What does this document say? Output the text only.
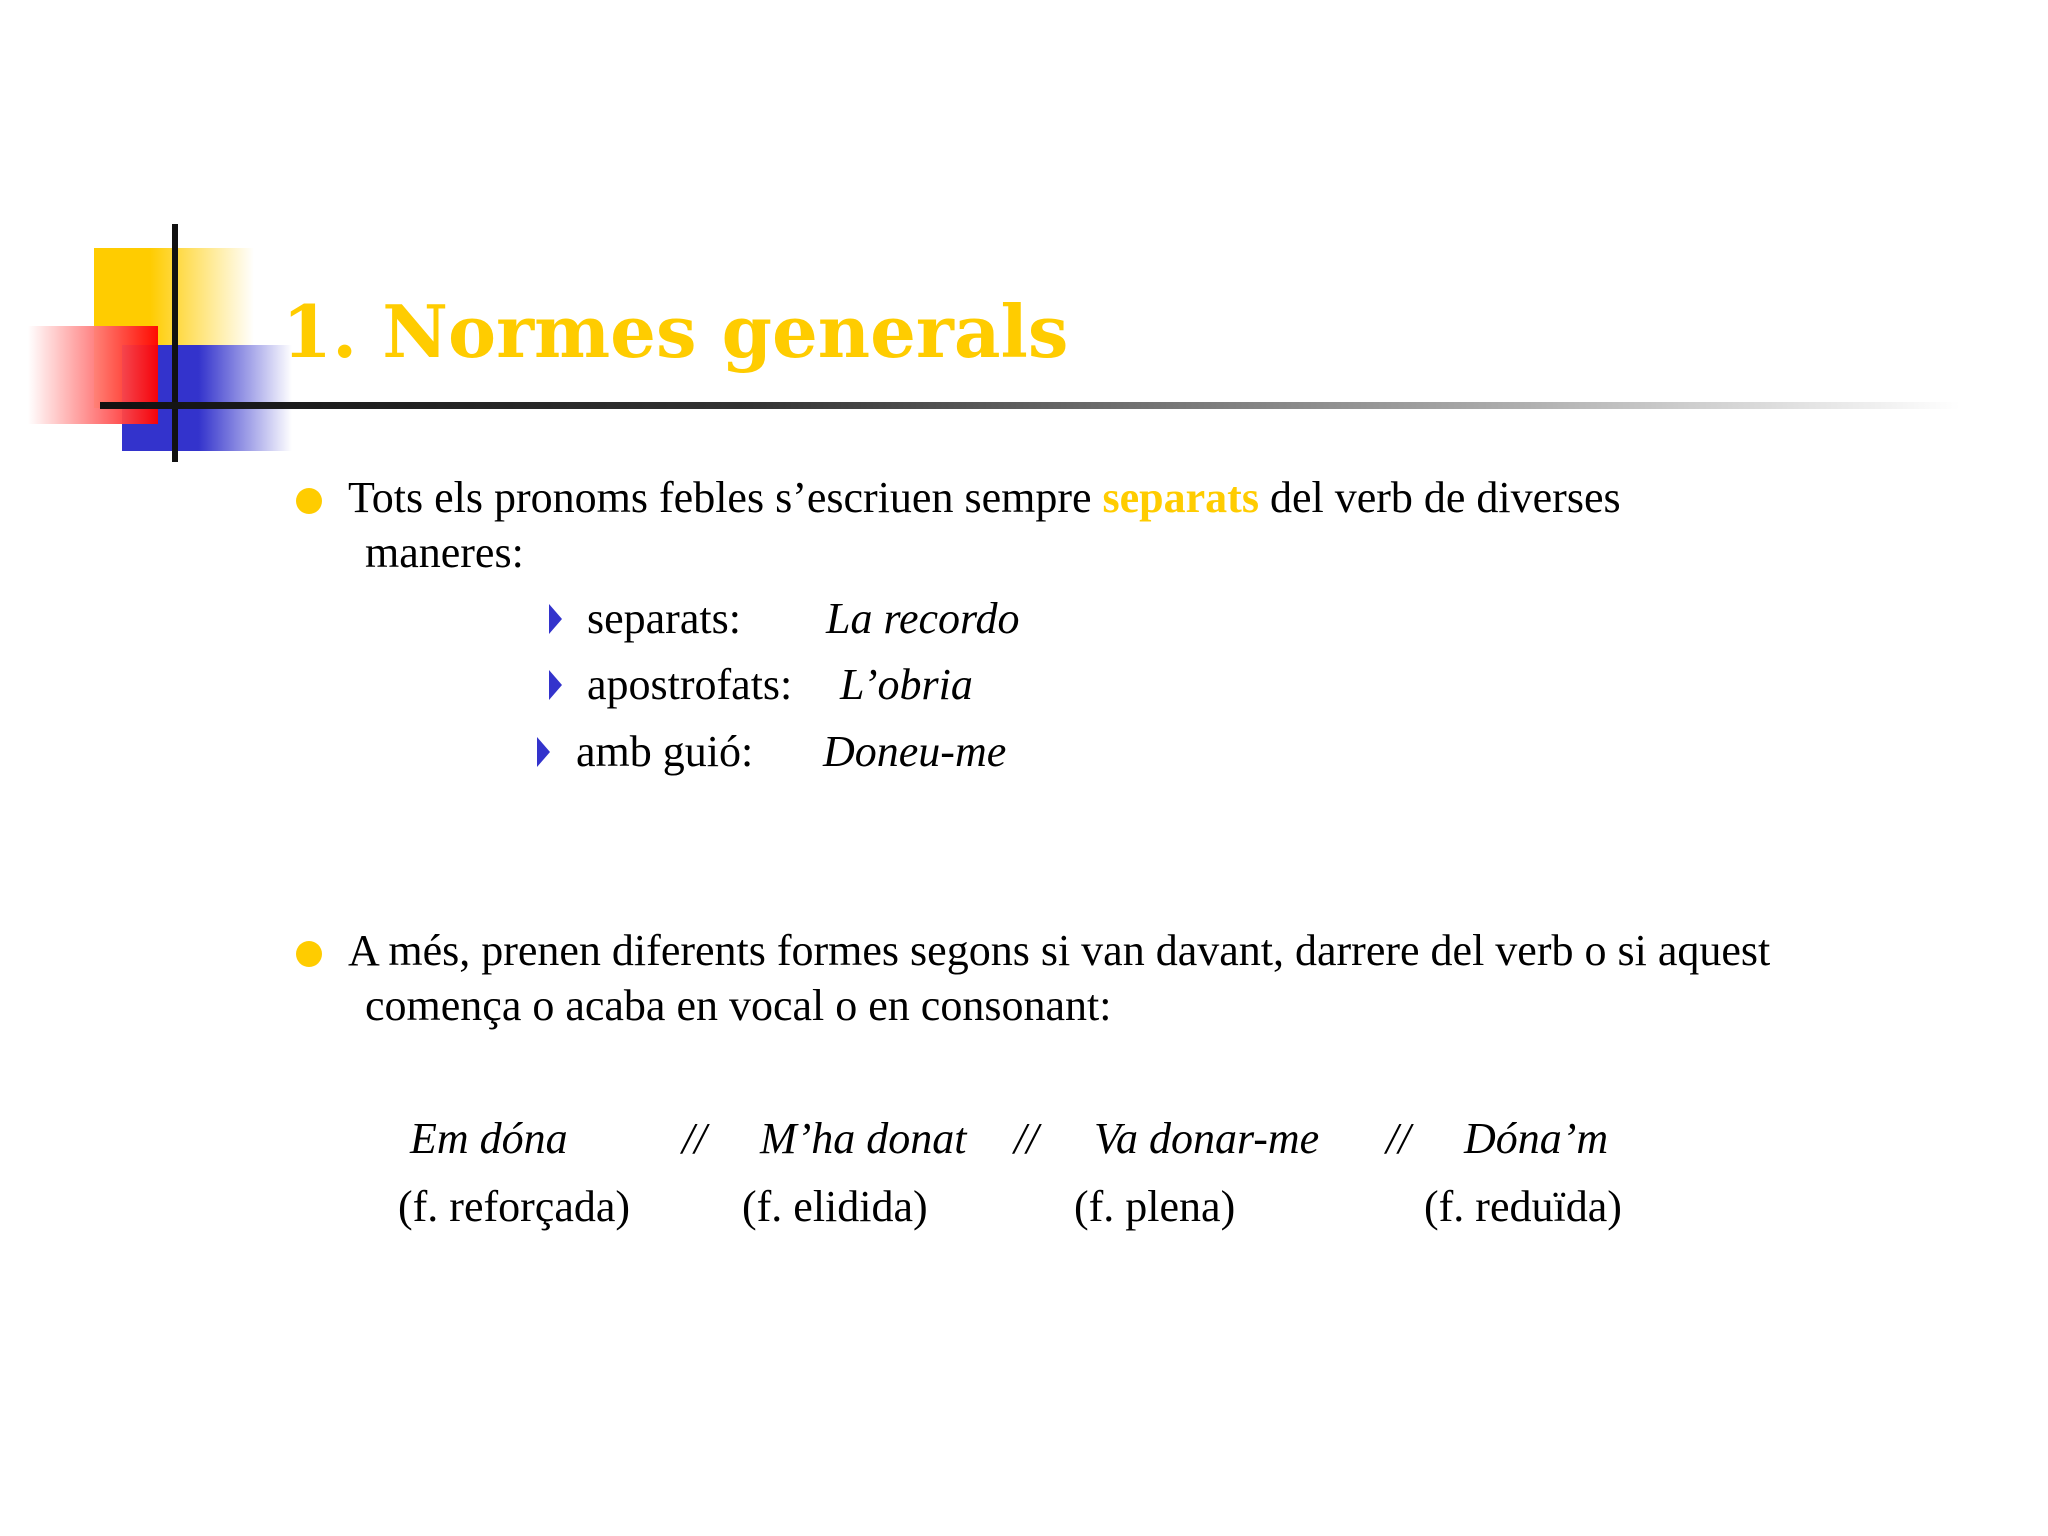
1. Normes generals
Tots els pronoms febles s’escriuen sempre separats del verb de diverses
maneres:
separats: La recordo
apostrofats: L’obria
amb guió: Doneu-me
A més, prenen diferents formes segons si van davant, darrere del verb o si aquest
comença o acaba en vocal o en consonant:
Em dóna	// M’ha donat // Va donar-me // Dóna’m
(f. reforçada)	(f. elidida)	(f. plena)	(f. reduïda)
